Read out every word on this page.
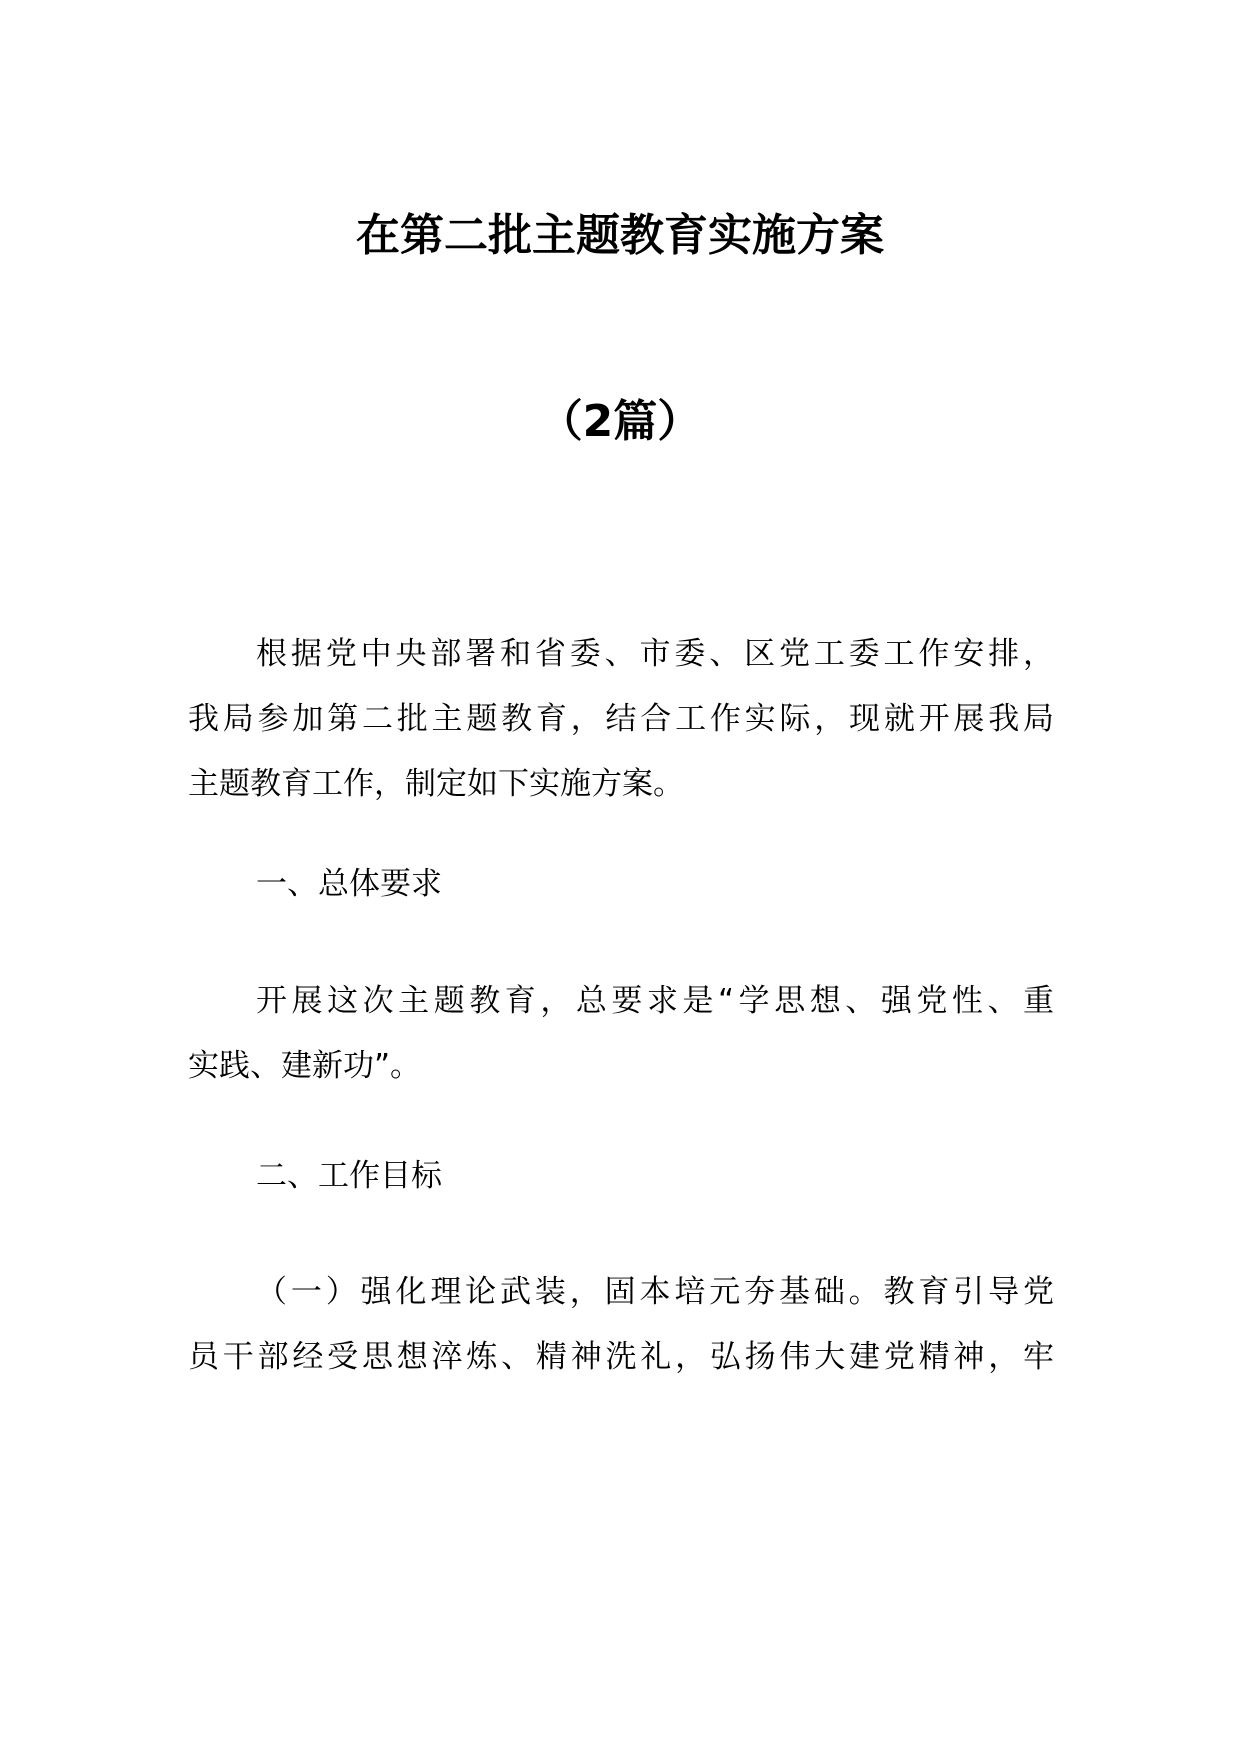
在第二批主题教育实施方案
（2篇）
根据党中央部署和省委、市委、区党工委工作安排，
我局参加第二批主题教育，结合工作实际，现就开展我局
主题教育工作，制定如下实施方案。

一、总体要求

开展这次主题教育，总要求是“学思想、强党性、重
实践、建新功”。

二、工作目标

（一）强化理论武装，固本培元夯基础。教育引导党
员干部经受思想淬炼、精神洗礼，弘扬伟大建党精神，牢
